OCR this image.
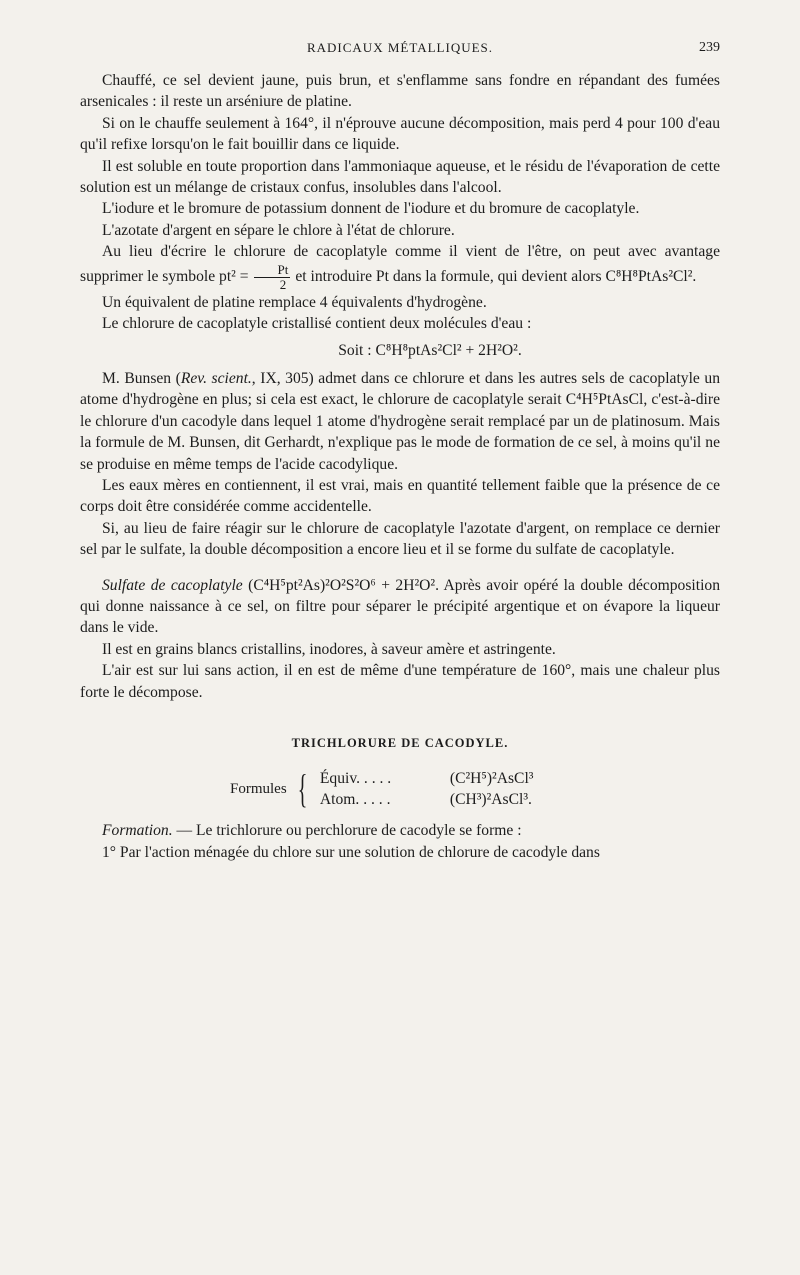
RADICAUX MÉTALLIQUES.	239

Chauffé, ce sel devient jaune, puis brun, et s'enflamme sans fondre en répandant des fumées arsenicales : il reste un arséniure de platine.

Si on le chauffe seulement à 164°, il n'éprouve aucune décomposition, mais perd 4 pour 100 d'eau qu'il refixe lorsqu'on le fait bouillir dans ce liquide.

Il est soluble en toute proportion dans l'ammoniaque aqueuse, et le résidu de l'évaporation de cette solution est un mélange de cristaux confus, insolubles dans l'alcool.

L'iodure et le bromure de potassium donnent de l'iodure et du bromure de cacoplatyle.

L'azotate d'argent en sépare le chlore à l'état de chlorure.

Au lieu d'écrire le chlorure de cacoplatyle comme il vient de l'être, on peut avec avantage supprimer le symbole $pt^2 = \frac{Pt}{2}$ et introduire Pt dans la formule, qui devient alors C⁸H⁸PtAs²Cl².

Un équivalent de platine remplace 4 équivalents d'hydrogène.

Le chlorure de cacoplatyle cristallisé contient deux molécules d'eau :

Soit : C⁸H⁸ptAs²Cl² + 2H²O².

M. Bunsen (Rev. scient., IX, 305) admet dans ce chlorure et dans les autres sels de cacoplatyle un atome d'hydrogène en plus; si cela est exact, le chlorure de cacoplatyle serait C⁴H⁵PtAsCl, c'est-à-dire le chlorure d'un cacodyle dans lequel 1 atome d'hydrogène serait remplacé par un de platinosum. Mais la formule de M. Bunsen, dit Gerhardt, n'explique pas le mode de formation de ce sel, à moins qu'il ne se produise en même temps de l'acide cacodylique.

Les eaux mères en contiennent, il est vrai, mais en quantité tellement faible que la présence de ce corps doit être considérée comme accidentelle.

Si, au lieu de faire réagir sur le chlorure de cacoplatyle l'azotate d'argent, on remplace ce dernier sel par le sulfate, la double décomposition a encore lieu et il se forme du sulfate de cacoplatyle.

Sulfate de cacoplatyle (C⁴H⁵pt²As)²O²S²O⁶ + 2H²O². Après avoir opéré la double décomposition qui donne naissance à ce sel, on filtre pour séparer le précipité argentique et on évapore la liqueur dans le vide.

Il est en grains blancs cristallins, inodores, à saveur amère et astringente.

L'air est sur lui sans action, il en est de même d'une température de 160°, mais une chaleur plus forte le décompose.

TRICHLORURE DE CACODYLE.
Formules { Équiv. . . . .	(C²H⁵)²AsCl³
Atom. . . . .	(CH³)²AsCl³.

Formation. — Le trichlorure ou perchlorure de cacodyle se forme :

1° Par l'action ménagée du chlore sur une solution de chlorure de cacodyle dans
